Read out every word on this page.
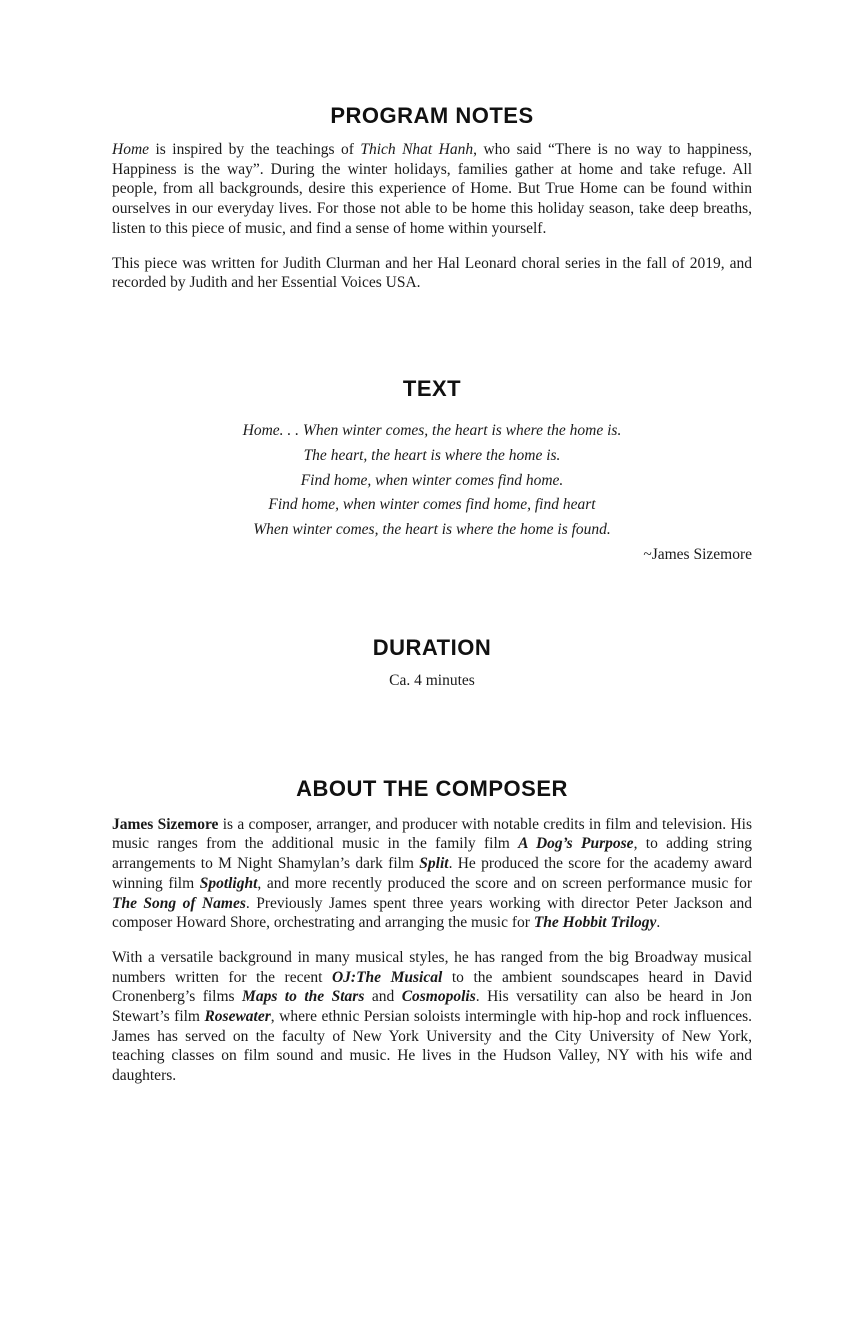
PROGRAM NOTES

Home is inspired by the teachings of Thich Nhat Hanh, who said “There is no way to happiness, Happiness is the way”. During the winter holidays, families gather at home and take refuge. All people, from all backgrounds, desire this experience of Home. But True Home can be found within ourselves in our everyday lives. For those not able to be home this holiday season, take deep breaths, listen to this piece of music, and find a sense of home within yourself.

This piece was written for Judith Clurman and her Hal Leonard choral series in the fall of 2019, and recorded by Judith and her Essential Voices USA.

TEXT
Home. . . When winter comes, the heart is where the home is.
The heart, the heart is where the home is.
Find home, when winter comes find home.
Find home, when winter comes find home, find heart
When winter comes, the heart is where the home is found.
~James Sizemore
DURATION
Ca. 4 minutes
ABOUT THE COMPOSER

James Sizemore is a composer, arranger, and producer with notable credits in film and television. His music ranges from the additional music in the family film A Dog’s Purpose, to adding string arrangements to M Night Shamylan’s dark film Split. He produced the score for the academy award winning film Spotlight, and more recently produced the score and on screen performance music for The Song of Names. Previously James spent three years working with director Peter Jackson and composer Howard Shore, orchestrating and arranging the music for The Hobbit Trilogy.

With a versatile background in many musical styles, he has ranged from the big Broadway musical numbers written for the recent OJ:The Musical to the ambient soundscapes heard in David Cronenberg’s films Maps to the Stars and Cosmopolis. His versatility can also be heard in Jon Stewart’s film Rosewater, where ethnic Persian soloists intermingle with hip-hop and rock influences. James has served on the faculty of New York University and the City University of New York, teaching classes on film sound and music. He lives in the Hudson Valley, NY with his wife and daughters.
